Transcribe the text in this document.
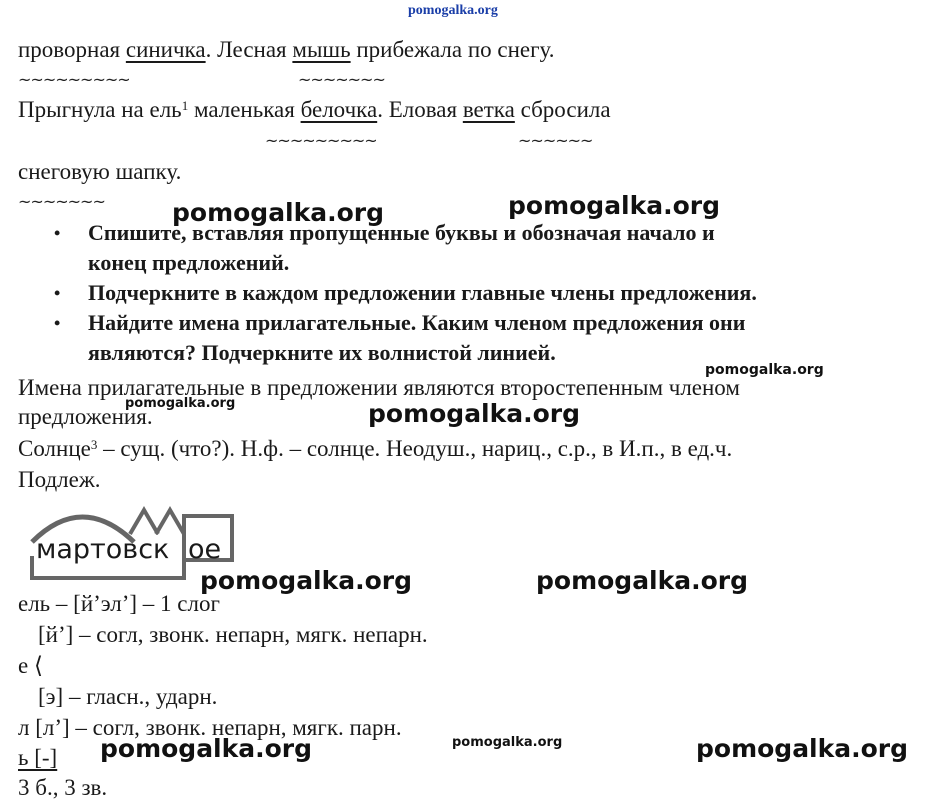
pomogalka.org
проворная синичка. Лесная мышь прибежала по снегу.
~~~~~~~~~	~~~~~~~
Прыгнула на ель$^1$ маленькая белочка. Еловая ветка сбросила
~~~~~~~~~	~~~~~~
снеговую шапку.
~~~~~~~
• Спишите, вставляя пропущенные буквы и обозначая начало и
конец предложений.
• Подчеркните в каждом предложении главные члены предложения.
• Найдите имена прилагательные. Каким членом предложения они
являются? Подчеркните их волнистой линией.
Имена прилагательные в предложении являются второстепенным членом
предложения.
Солнце$^3$ – сущ. (что?). Н.ф. – солнце. Неодуш., нариц., с.р., в И.п., в ед.ч.
Подлеж.
мартовск ое
ель – [й’эл’] – 1 слог
[й’] – согл, звонк. непарн, мягк. непарн.
е ⟨
[э] – гласн., ударн.
л [л’] – согл, звонк. непарн, мягк. парн.
ь [-]
3 б., 3 зв.
pomogalka.org	pomogalka.org
pomogalka.org
pomogalka.org	pomogalka.org
pomogalka.org	pomogalka.org
pomogalka.org	pomogalka.org	pomogalka.org
